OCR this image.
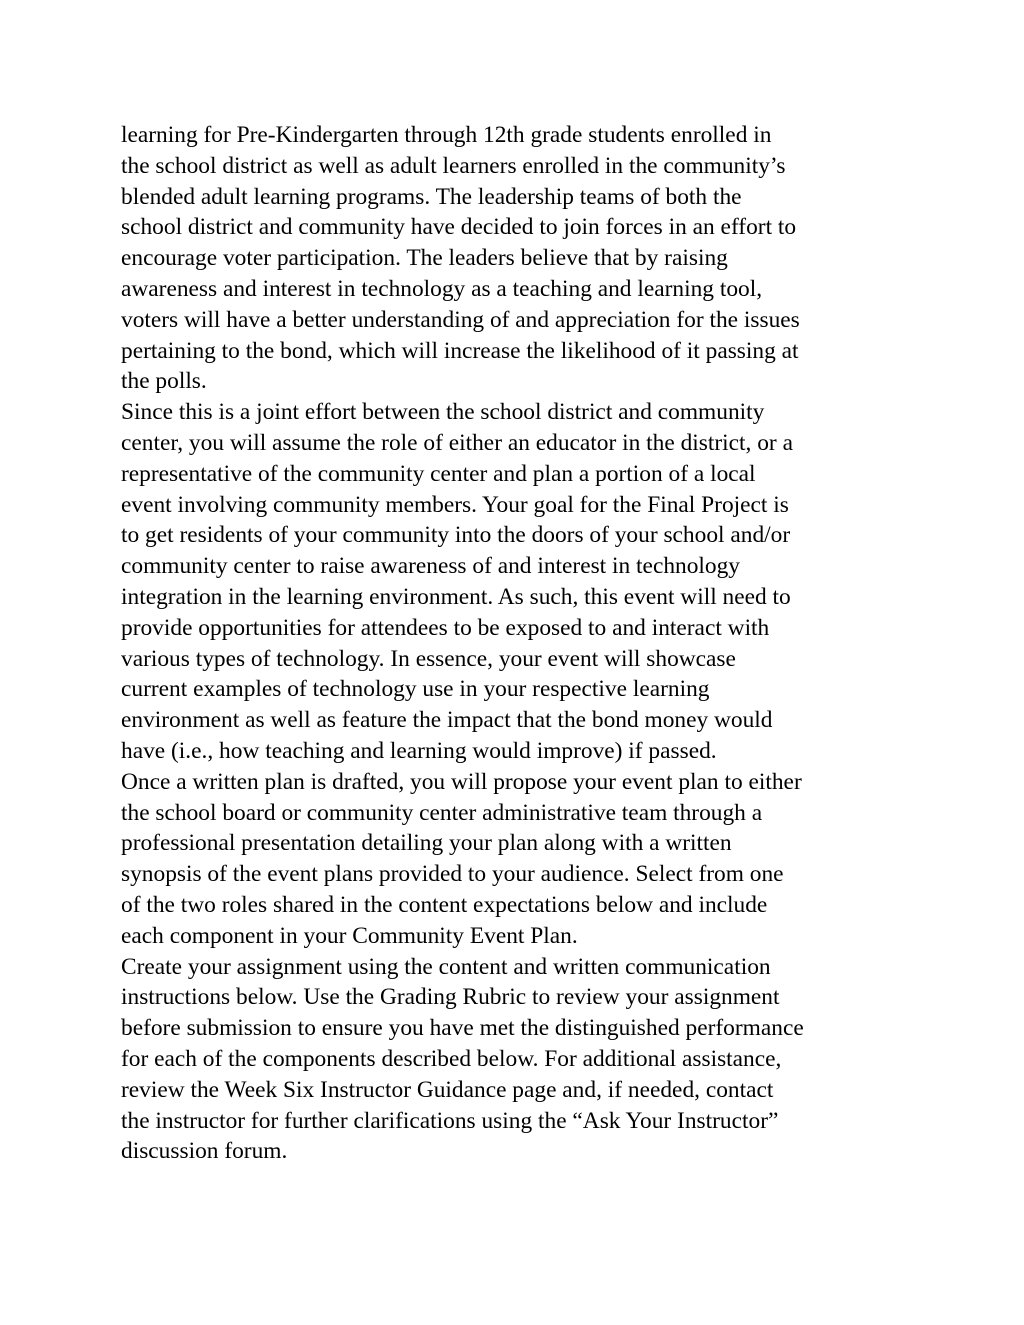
learning for Pre-Kindergarten through 12th grade students enrolled in
the school district as well as adult learners enrolled in the community’s
blended adult learning programs. The leadership teams of both the
school district and community have decided to join forces in an effort to
encourage voter participation. The leaders believe that by raising
awareness and interest in technology as a teaching and learning tool,
voters will have a better understanding of and appreciation for the issues
pertaining to the bond, which will increase the likelihood of it passing at
the polls.
Since this is a joint effort between the school district and community
center, you will assume the role of either an educator in the district, or a
representative of the community center and plan a portion of a local
event involving community members. Your goal for the Final Project is
to get residents of your community into the doors of your school and/or
community center to raise awareness of and interest in technology
integration in the learning environment. As such, this event will need to
provide opportunities for attendees to be exposed to and interact with
various types of technology. In essence, your event will showcase
current examples of technology use in your respective learning
environment as well as feature the impact that the bond money would
have (i.e., how teaching and learning would improve) if passed.
Once a written plan is drafted, you will propose your event plan to either
the school board or community center administrative team through a
professional presentation detailing your plan along with a written
synopsis of the event plans provided to your audience. Select from one
of the two roles shared in the content expectations below and include
each component in your Community Event Plan.
Create your assignment using the content and written communication
instructions below. Use the Grading Rubric to review your assignment
before submission to ensure you have met the distinguished performance
for each of the components described below. For additional assistance,
review the Week Six Instructor Guidance page and, if needed, contact
the instructor for further clarifications using the “Ask Your Instructor”
discussion forum.
